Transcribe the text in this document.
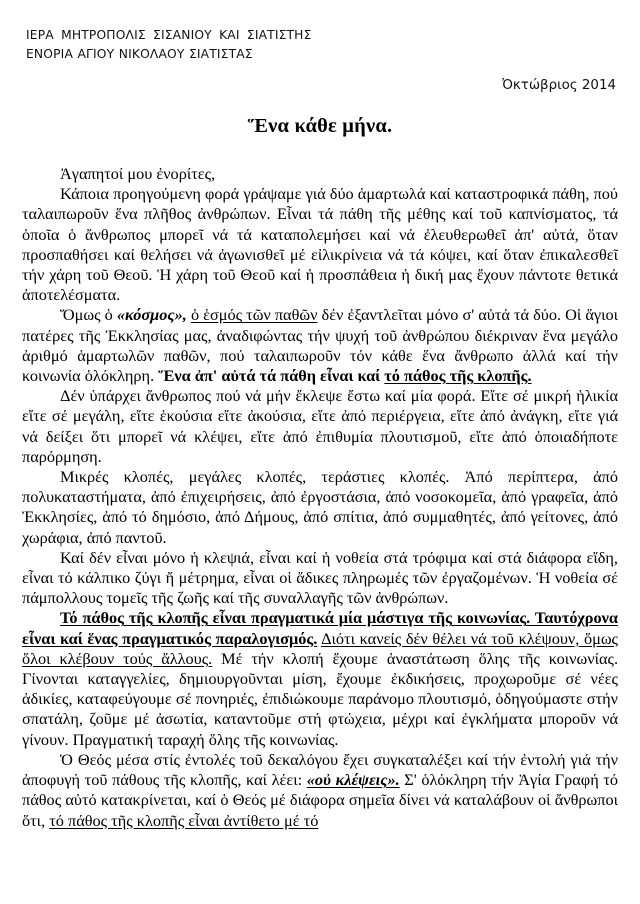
ΙΕΡΑ ΜΗΤΡΟΠΟΛΙΣ ΣΙΣΑΝΙΟΥ ΚΑΙ ΣΙΑΤΙΣΤΗΣ
ΕΝΟΡΙΑ ΑΓΙΟΥ ΝΙΚΟΛΑΟΥ ΣΙΑΤΙΣΤΑΣ
Ὀκτώβριος 2014
Ἕνα κάθε μήνα.

Ἀγαπητοί μου ἐνορίτες,

Κάποια προηγούμενη φορά γράψαμε γιά δύο ἁμαρτωλά καί καταστροφικά πάθη, πού ταλαιπωροῦν ἕνα πλῆθος ἀνθρώπων. Εἶναι τά πάθη τῆς μέθης καί τοῦ καπνίσματος, τά ὁποῖα ὁ ἄνθρωπος μπορεῖ νά τά καταπολεμήσει καί νά ἐλευθερωθεῖ ἀπ' αὐτά, ὅταν προσπαθήσει καί θελήσει νά ἀγωνισθεῖ μέ εἰλικρίνεια νά τά κόψει, καί ὅταν ἐπικαλεσθεῖ τήν χάρη τοῦ Θεοῦ. Ἡ χάρη τοῦ Θεοῦ καί ἡ προσπάθεια ἡ δική μας ἔχουν πάντοτε θετικά ἀποτελέσματα.

Ὅμως ὁ «κόσμος», ὁ ἑσμός τῶν παθῶν δέν ἐξαντλεῖται μόνο σ' αὐτά τά δύο. Οἱ ἅγιοι πατέρες τῆς Ἐκκλησίας μας, ἀναδιφώντας τήν ψυχή τοῦ ἀνθρώπου διέκριναν ἕνα μεγάλο ἀριθμό ἁμαρτωλῶν παθῶν, πού ταλαιπωροῦν τόν κάθε ἕνα ἄνθρωπο ἀλλά καί τήν κοινωνία ὁλόκληρη. Ἕνα ἀπ' αὐτά τά πάθη εἶναι καί τό πάθος τῆς κλοπῆς.

Δέν ὑπάρχει ἄνθρωπος πού νά μήν ἔκλεψε ἔστω καί μία φορά. Εἴτε σέ μικρή ἡλικία εἴτε σέ μεγάλη, εἴτε ἑκούσια εἴτε ἀκούσια, εἴτε ἀπό περιέργεια, εἴτε ἀπό ἀνάγκη, εἴτε γιά νά δείξει ὅτι μπορεῖ νά κλέψει, εἴτε ἀπό ἐπιθυμία πλουτισμοῦ, εἴτε ἀπό ὁποιαδήποτε παρόρμηση.

Μικρές κλοπές, μεγάλες κλοπές, τεράστιες κλοπές. Ἀπό περίπτερα, ἀπό πολυκαταστήματα, ἀπό ἐπιχειρήσεις, ἀπό ἐργοστάσια, ἀπό νοσοκομεῖα, ἀπό γραφεῖα, ἀπό Ἐκκλησίες, ἀπό τό δημόσιο, ἀπό Δήμους, ἀπό σπίτια, ἀπό συμμαθητές, ἀπό γείτονες, ἀπό χωράφια, ἀπό παντοῦ.

Καί δέν εἶναι μόνο ἡ κλεψιά, εἶναι καί ἡ νοθεία στά τρόφιμα καί στά διάφορα εἴδη, εἶναι τό κάλπικο ζύγι ἤ μέτρημα, εἶναι οἱ ἄδικες πληρωμές τῶν ἐργαζομένων. Ἡ νοθεία σέ πάμπολλους τομεῖς τῆς ζωῆς καί τῆς συναλλαγῆς τῶν ἀνθρώπων.

Τό πάθος τῆς κλοπῆς εἶναι πραγματικά μία μάστιγα τῆς κοινωνίας. Ταυτόχρονα εἶναι καί ἕνας πραγματικός παραλογισμός. Διότι κανείς δέν θέλει νά τοῦ κλέψουν, ὅμως ὅλοι κλέβουν τούς ἄλλους. Μέ τήν κλοπή ἔχουμε ἀναστάτωση ὅλης τῆς κοινωνίας. Γίνονται καταγγελίες, δημιουργοῦνται μίση, ἔχουμε ἐκδικήσεις, προχωροῦμε σέ νέες ἀδικίες, καταφεύγουμε σέ πονηριές, ἐπιδιώκουμε παράνομο πλουτισμό, ὁδηγούμαστε στήν σπατάλη, ζοῦμε μέ ἀσωτία, καταντοῦμε στή φτώχεια, μέχρι καί ἐγκλήματα μποροῦν νά γίνουν. Πραγματική ταραχή ὅλης τῆς κοινωνίας.

Ὁ Θεός μέσα στίς ἐντολές τοῦ δεκαλόγου ἔχει συγκαταλέξει καί τήν ἐντολή γιά τήν ἀποφυγή τοῦ πάθους τῆς κλοπῆς, καί λέει: «οὐ κλέψεις». Σ' ὁλόκληρη τήν Ἁγία Γραφή τό πάθος αὐτό κατακρίνεται, καί ὁ Θεός μέ διάφορα σημεῖα δίνει νά καταλάβουν οἱ ἄνθρωποι ὅτι, τό πάθος τῆς κλοπῆς εἶναι ἀντίθετο μέ τό
